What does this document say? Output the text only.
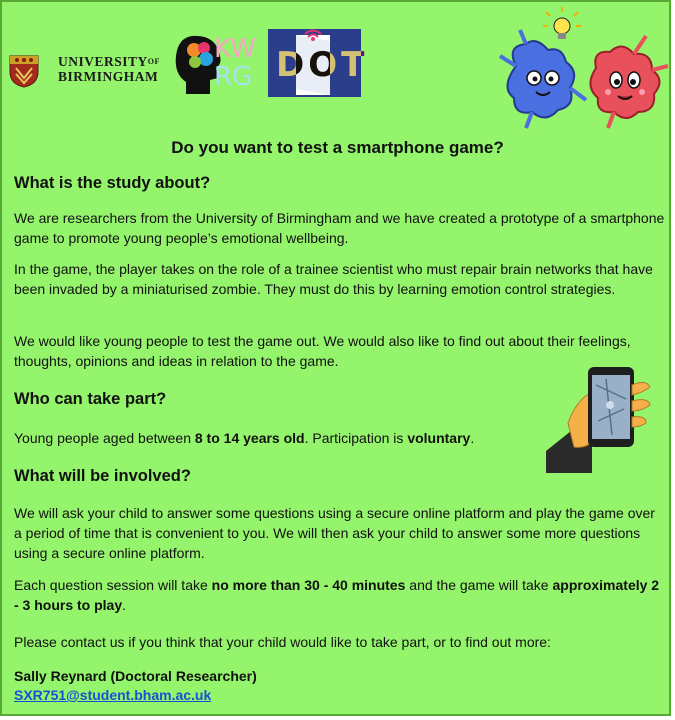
$UNIVERSITY^{OF}$
BIRMINGHAM
KW
RG DOT
Do you want to test a smartphone game?
What is the study about?
We are researchers from the University of Birmingham and we have created a prototype of a smartphone game to promote young people’s emotional wellbeing.
In the game, the player takes on the role of a trainee scientist who must repair brain networks that have been invaded by a miniaturised zombie. They must do this by learning emotion control strategies.
We would like young people to test the game out. We would also like to find out about their feelings, thoughts, opinions and ideas in relation to the game.
Who can take part?
Young people aged between 8 to 14 years old. Participation is voluntary.
What will be involved?
We will ask your child to answer some questions using a secure online platform and play the game over a period of time that is convenient to you. We will then ask your child to answer some more questions using a secure online platform.
Each question session will take no more than 30 - 40 minutes and the game will take approximately 2 - 3 hours to play.
Please contact us if you think that your child would like to take part, or to find out more:
Sally Reynard (Doctoral Researcher)
SXR751@student.bham.ac.uk
